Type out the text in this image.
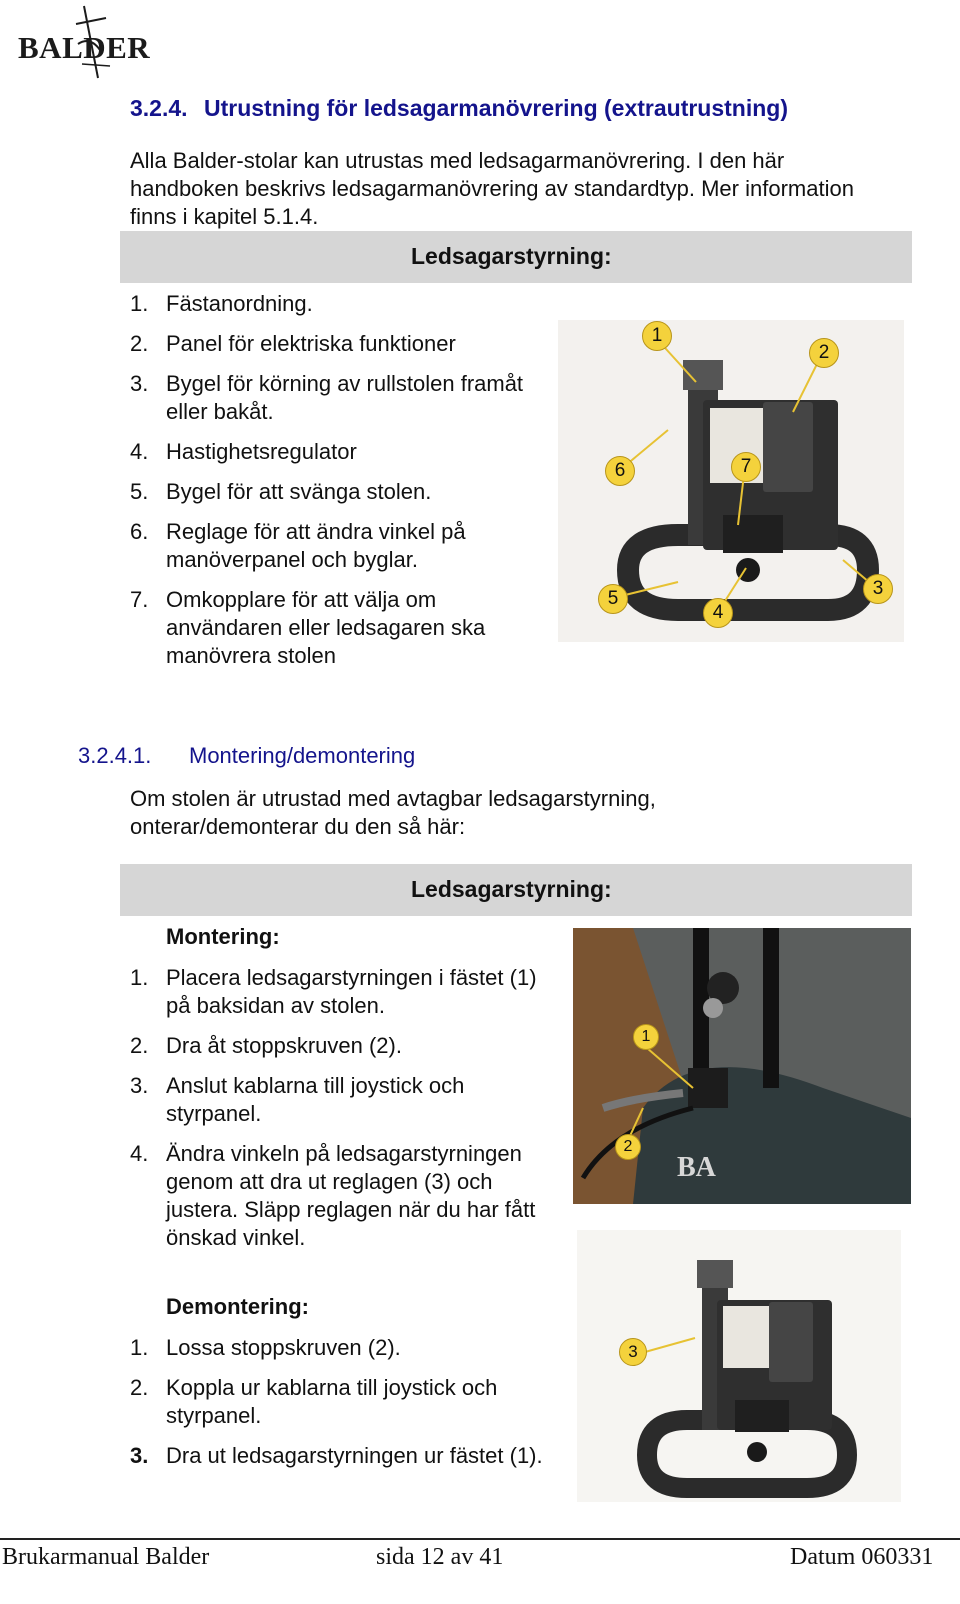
BALDER
3.2.4. Utrustning för ledsagarmanövrering (extrautrustning)
Alla Balder-stolar kan utrustas med ledsagarmanövrering. I den här handboken beskrivs ledsagarmanövrering av standardtyp. Mer information finns i kapitel 5.1.4.
Ledsagarstyrning:
1. Fästanordning.
2. Panel för elektriska funktioner
3. Bygel för körning av rullstolen framåt eller bakåt.
4. Hastighetsregulator
5. Bygel för att svänga stolen.
6. Reglage för att ändra vinkel på manöverpanel och byglar.
7. Omkopplare för att välja om användaren eller ledsagaren ska manövrera stolen
1
2
3
4
5
6	7
3.2.4.1. Montering/demontering
Om stolen är utrustad med avtagbar ledsagarstyrning, onterar/demonterar du den så här:
Ledsagarstyrning:
Montering:
1. Placera ledsagarstyrningen i fästet (1) på baksidan av stolen.
2. Dra åt stoppskruven (2).
3. Anslut kablarna till joystick och styrpanel.
4. Ändra vinkeln på ledsagarstyrningen genom att dra ut reglagen (3) och justera. Släpp reglagen när du har fått önskad vinkel.
Demontering:
1. Lossa stoppskruven (2).
2. Koppla ur kablarna till joystick och styrpanel.
3. Dra ut ledsagarstyrningen ur fästet (1).
BA
1
2
3
Brukarmanual Balder	sida 12 av 41	Datum 060331
